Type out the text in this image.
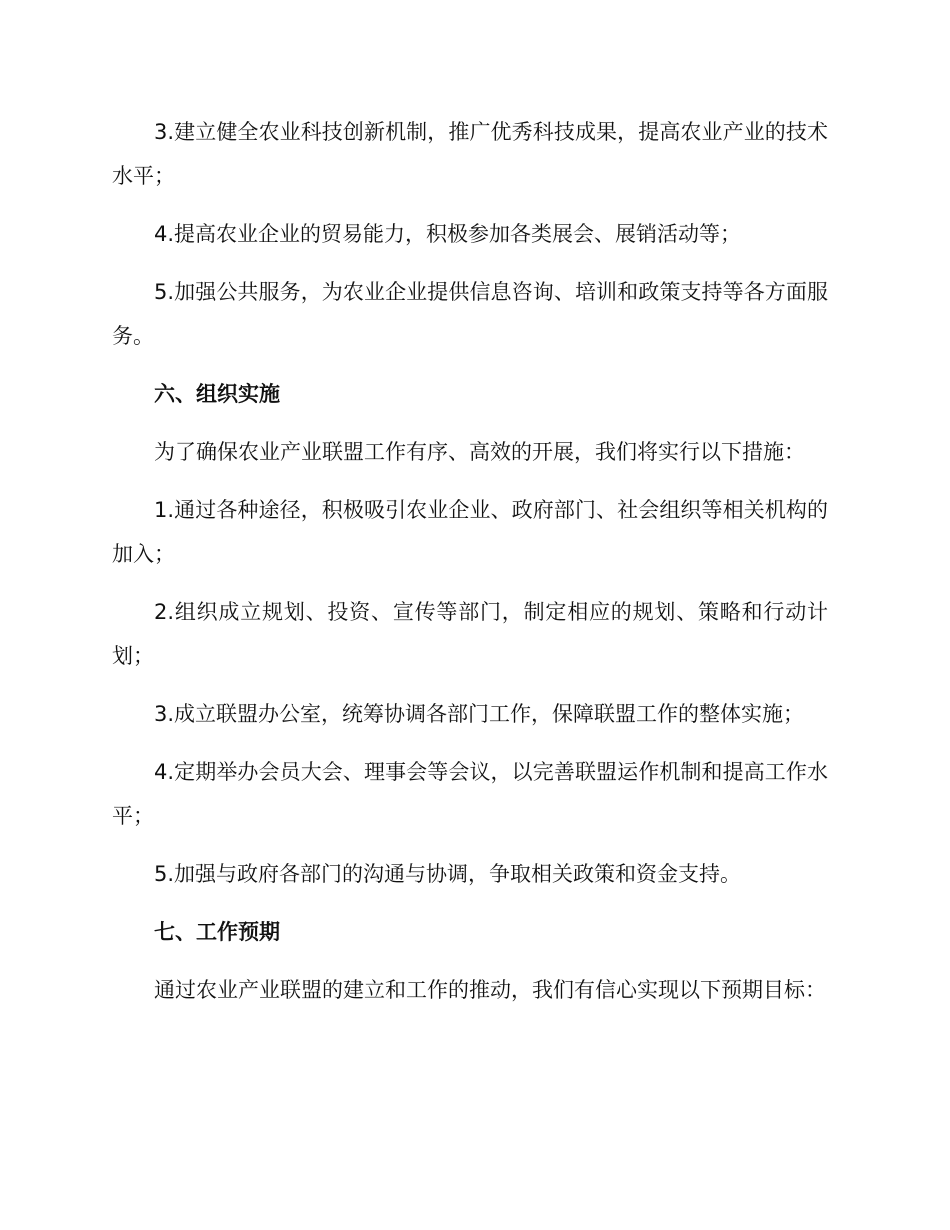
3.建立健全农业科技创新机制，推广优秀科技成果，提高农业产业的技术水平；

4.提高农业企业的贸易能力，积极参加各类展会、展销活动等；

5.加强公共服务，为农业企业提供信息咨询、培训和政策支持等各方面服务。

六、组织实施

为了确保农业产业联盟工作有序、高效的开展，我们将实行以下措施：

1.通过各种途径，积极吸引农业企业、政府部门、社会组织等相关机构的加入；

2.组织成立规划、投资、宣传等部门，制定相应的规划、策略和行动计划；

3.成立联盟办公室，统筹协调各部门工作，保障联盟工作的整体实施；

4.定期举办会员大会、理事会等会议，以完善联盟运作机制和提高工作水平；

5.加强与政府各部门的沟通与协调，争取相关政策和资金支持。

七、工作预期

通过农业产业联盟的建立和工作的推动，我们有信心实现以下预期目标：
